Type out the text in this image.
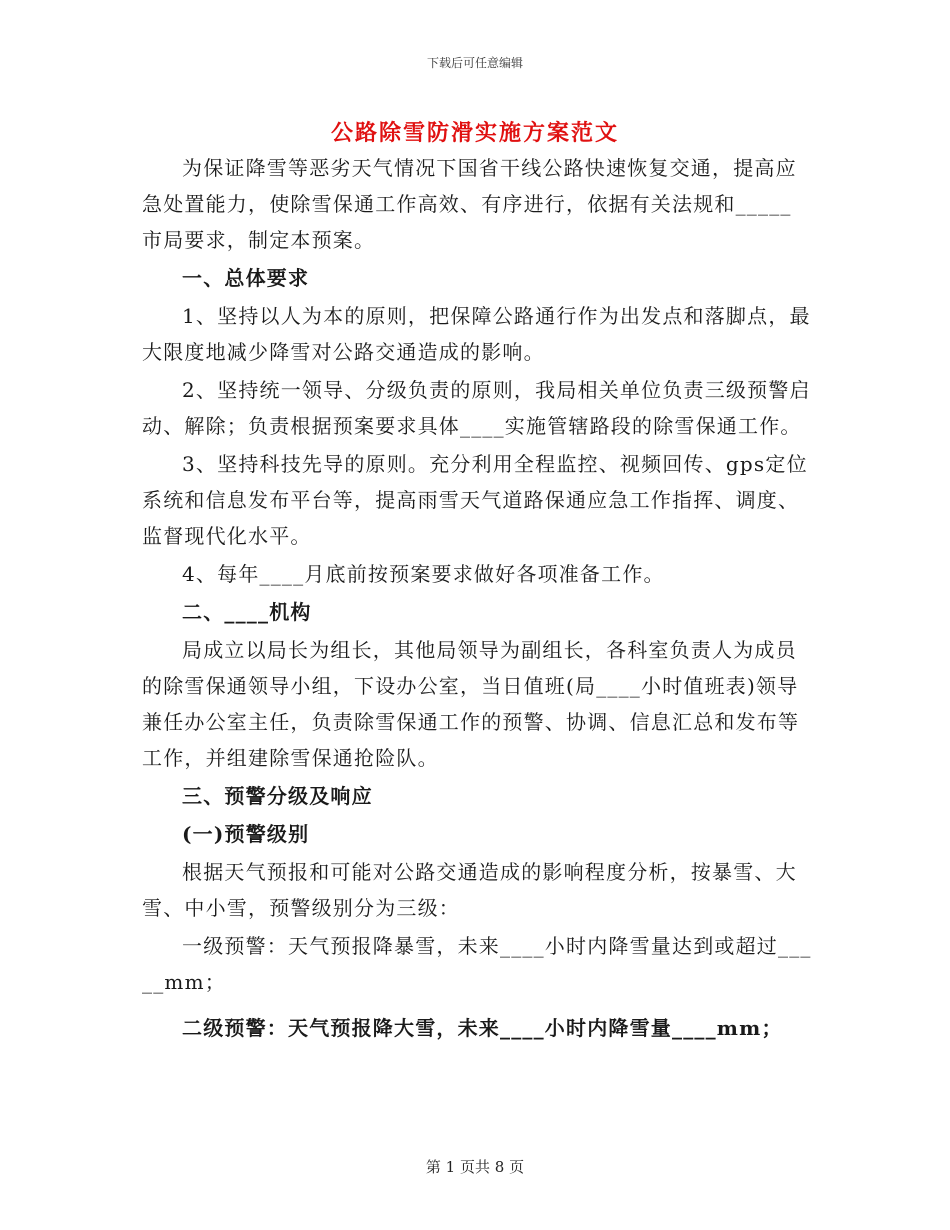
下载后可任意编辑
公路除雪防滑实施方案范文

为保证降雪等恶劣天气情况下国省干线公路快速恢复交通，提高应急处置能力，使除雪保通工作高效、有序进行，依据有关法规和_____市局要求，制定本预案。

一、总体要求

1、坚持以人为本的原则，把保障公路通行作为出发点和落脚点，最大限度地减少降雪对公路交通造成的影响。

2、坚持统一领导、分级负责的原则，我局相关单位负责三级预警启动、解除；负责根据预案要求具体____实施管辖路段的除雪保通工作。

3、坚持科技先导的原则。充分利用全程监控、视频回传、gps定位系统和信息发布平台等，提高雨雪天气道路保通应急工作指挥、调度、监督现代化水平。

4、每年____月底前按预案要求做好各项准备工作。

二、____机构

局成立以局长为组长，其他局领导为副组长，各科室负责人为成员的除雪保通领导小组，下设办公室，当日值班(局____小时值班表)领导兼任办公室主任，负责除雪保通工作的预警、协调、信息汇总和发布等工作，并组建除雪保通抢险队。

三、预警分级及响应

(一)预警级别

根据天气预报和可能对公路交通造成的影响程度分析，按暴雪、大雪、中小雪，预警级别分为三级：

一级预警：天气预报降暴雪，未来____小时内降雪量达到或超过_____mm；

二级预警：天气预报降大雪，未来____小时内降雪量____mm；

第 1 页共 8 页
